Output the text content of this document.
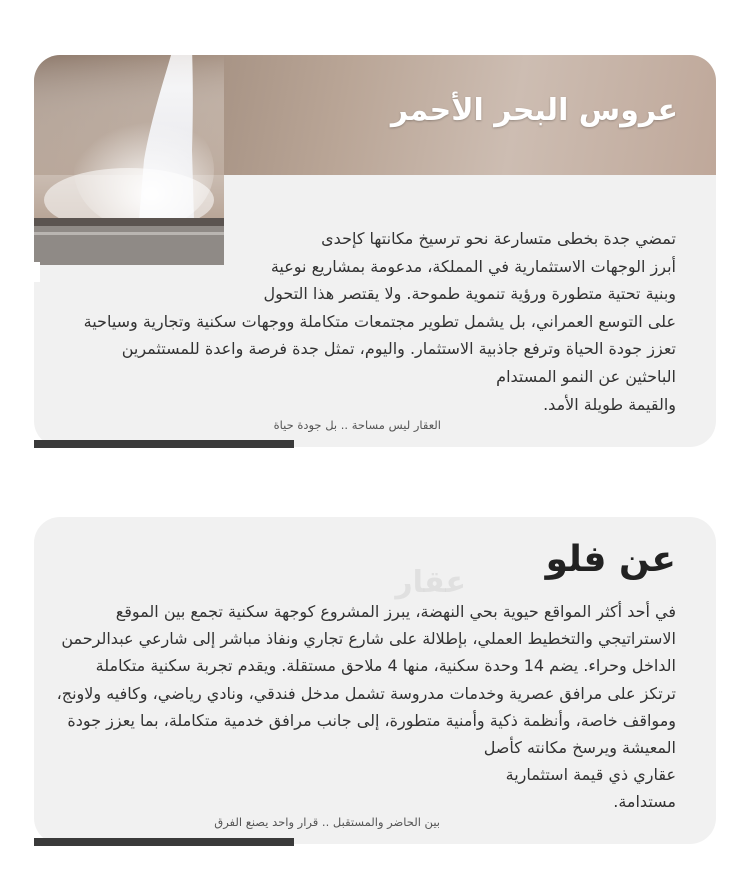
عروس البحر الأحمر
تمضي جدة بخطى متسارعة نحو ترسيخ مكانتها كإحدى
أبرز الوجهات الاستثمارية في المملكة، مدعومة بمشاريع نوعية
وبنية تحتية متطورة ورؤية تنموية طموحة. ولا يقتصر هذا التحول
على التوسع العمراني، بل يشمل تطوير مجتمعات متكاملة ووجهات سكنية وتجارية وسياحية
تعزز جودة الحياة وترفع جاذبية الاستثمار. واليوم، تمثل جدة فرصة واعدة للمستثمرين
الباحثين عن النمو المستدام
والقيمة طويلة الأمد.
العقار ليس مساحة .. بل جودة حياة
عقار
عن فلو
في أحد أكثر المواقع حيوية بحي النهضة، يبرز المشروع كوجهة سكنية تجمع بين الموقع
الاستراتيجي والتخطيط العملي، بإطلالة على شارع تجاري ونفاذ مباشر إلى شارعي عبدالرحمن
الداخل وحراء. يضم 14 وحدة سكنية، منها 4 ملاحق مستقلة. ويقدم تجربة سكنية متكاملة
ترتكز على مرافق عصرية وخدمات مدروسة تشمل مدخل فندقي، ونادي رياضي، وكافيه ولاونج،
ومواقف خاصة، وأنظمة ذكية وأمنية متطورة، إلى جانب مرافق خدمية متكاملة، بما يعزز جودة
المعيشة ويرسخ مكانته كأصل
عقاري ذي قيمة استثمارية
مستدامة.
بين الحاضر والمستقبل .. قرار واحد يصنع الفرق
